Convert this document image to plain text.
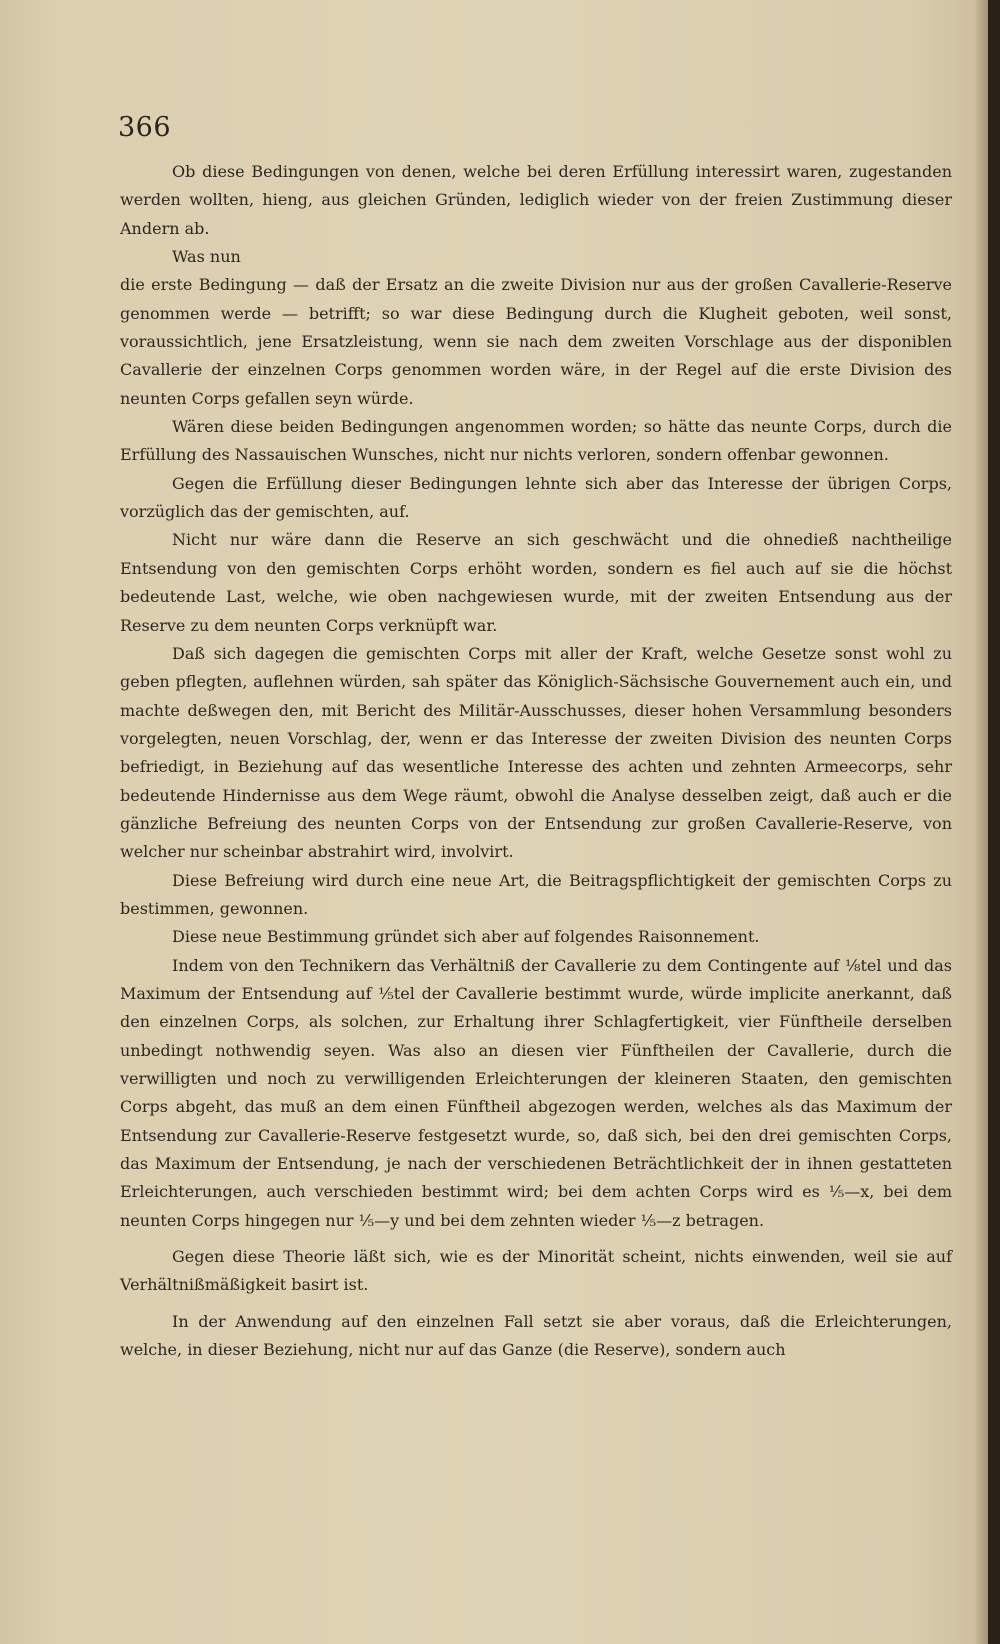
366

Ob diese Bedingungen von denen, welche bei deren Erfüllung interessirt waren, zugestanden werden wollten, hieng, aus gleichen Gründen, lediglich wieder von der freien Zustimmung dieser Andern ab.

Was nun

die erste Bedingung — daß der Ersatz an die zweite Division nur aus der großen Cavallerie-Reserve genommen werde — betrifft; so war diese Bedingung durch die Klugheit geboten, weil sonst, voraussichtlich, jene Ersatzleistung, wenn sie nach dem zweiten Vorschlage aus der disponiblen Cavallerie der einzelnen Corps genommen worden wäre, in der Regel auf die erste Division des neunten Corps gefallen seyn würde.

Wären diese beiden Bedingungen angenommen worden; so hätte das neunte Corps, durch die Erfüllung des Nassauischen Wunsches, nicht nur nichts verloren, sondern offenbar gewonnen.

Gegen die Erfüllung dieser Bedingungen lehnte sich aber das Interesse der übrigen Corps, vorzüglich das der gemischten, auf.

Nicht nur wäre dann die Reserve an sich geschwächt und die ohnedieß nachtheilige Entsendung von den gemischten Corps erhöht worden, sondern es fiel auch auf sie die höchst bedeutende Last, welche, wie oben nachgewiesen wurde, mit der zweiten Entsendung aus der Reserve zu dem neunten Corps verknüpft war.

Daß sich dagegen die gemischten Corps mit aller der Kraft, welche Gesetze sonst wohl zu geben pflegten, auflehnen würden, sah später das Königlich-Sächsische Gouvernement auch ein, und machte deßwegen den, mit Bericht des Militär-Ausschusses, dieser hohen Versammlung besonders vorgelegten, neuen Vorschlag, der, wenn er das Interesse der zweiten Division des neunten Corps befriedigt, in Beziehung auf das wesentliche Interesse des achten und zehnten Armeecorps, sehr bedeutende Hindernisse aus dem Wege räumt, obwohl die Analyse desselben zeigt, daß auch er die gänzliche Befreiung des neunten Corps von der Entsendung zur großen Cavallerie-Reserve, von welcher nur scheinbar abstrahirt wird, involvirt.

Diese Befreiung wird durch eine neue Art, die Beitragspflichtigkeit der gemischten Corps zu bestimmen, gewonnen.

Diese neue Bestimmung gründet sich aber auf folgendes Raisonnement.

Indem von den Technikern das Verhältniß der Cavallerie zu dem Contingente auf ⅛tel und das Maximum der Entsendung auf ⅕tel der Cavallerie bestimmt wurde, würde implicite anerkannt, daß den einzelnen Corps, als solchen, zur Erhaltung ihrer Schlagfertigkeit, vier Fünftheile derselben unbedingt nothwendig seyen. Was also an diesen vier Fünftheilen der Cavallerie, durch die verwilligten und noch zu verwilligenden Erleichterungen der kleineren Staaten, den gemischten Corps abgeht, das muß an dem einen Fünftheil abgezogen werden, welches als das Maximum der Entsendung zur Cavallerie-Reserve festgesetzt wurde, so, daß sich, bei den drei gemischten Corps, das Maximum der Entsendung, je nach der verschiedenen Beträchtlichkeit der in ihnen gestatteten Erleichterungen, auch verschieden bestimmt wird; bei dem achten Corps wird es ⅕—x, bei dem neunten Corps hingegen nur ⅕—y und bei dem zehnten wieder ⅕—z betragen.

Gegen diese Theorie läßt sich, wie es der Minorität scheint, nichts einwenden, weil sie auf Verhältnißmäßigkeit basirt ist.

In der Anwendung auf den einzelnen Fall setzt sie aber voraus, daß die Erleichterungen, welche, in dieser Beziehung, nicht nur auf das Ganze (die Reserve), sondern auch
